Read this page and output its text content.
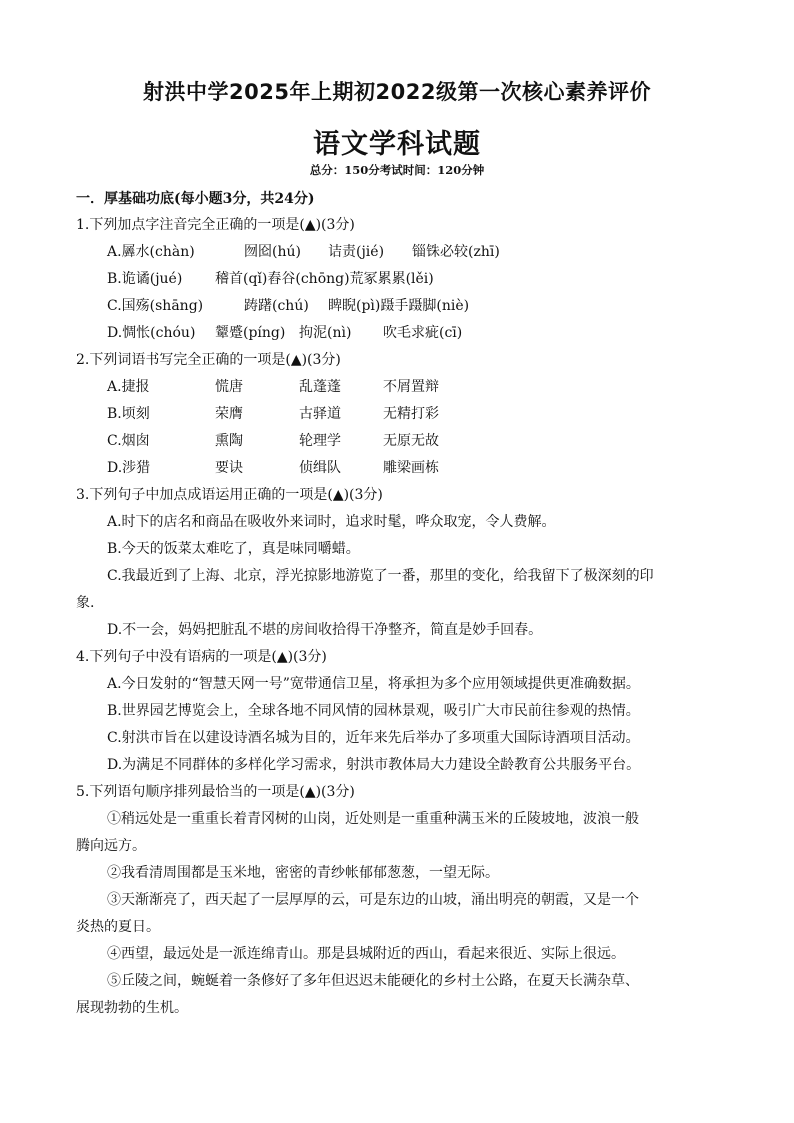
射洪中学2025年上期初2022级第一次核心素养评价
语文学科试题
总分：150分考试时间：120分钟
一．厚基础功底(每小题3分，共24分)
1.下列加点字注音完全正确的一项是(▲)(3分)
A.羼水(chàn)	囫囵(hú) 诘责(jié) 锱铢必较(zhī)
B.诡谲(jué) 稽首(qǐ)舂谷(chōng)荒冢累累(lěi)
C.国殇(shāng)	踌躇(chú) 睥睨(pì)蹑手蹑脚(niè)
D.惆怅(chóu) 颦蹙(píng) 拘泥(nì) 吹毛求疵(cī)
2.下列词语书写完全正确的一项是(▲)(3分)
A.捷报	慌唐	乱蓬蓬	不屑置辩
B.顷刻	荣膺	古驿道	无精打彩
C.烟囱	熏陶	轮理学	无原无故
D.涉猎	要诀	侦缉队	雕梁画栋
3.下列句子中加点成语运用正确的一项是(▲)(3分)
A.时下的店名和商品在吸收外来词时，追求时髦，哗众取宠，令人费解。
B.今天的饭菜太难吃了，真是味同嚼蜡。
C.我最近到了上海、北京，浮光掠影地游览了一番，那里的变化，给我留下了极深刻的印
象.
D.不一会，妈妈把脏乱不堪的房间收拾得干净整齐，简直是妙手回春。
4.下列句子中没有语病的一项是(▲)(3分)
A.今日发射的“智慧天网一号”宽带通信卫星，将承担为多个应用领域提供更准确数据。
B.世界园艺博览会上，全球各地不同风情的园林景观，吸引广大市民前往参观的热情。
C.射洪市旨在以建设诗酒名城为目的，近年来先后举办了多项重大国际诗酒项目活动。
D.为满足不同群体的多样化学习需求，射洪市教体局大力建设全龄教育公共服务平台。
5.下列语句顺序排列最恰当的一项是(▲)(3分)
①稍远处是一重重长着青冈树的山岗，近处则是一重重种满玉米的丘陵坡地，波浪一般
腾向远方。
②我看清周围都是玉米地，密密的青纱帐郁郁葱葱，一望无际。
③天渐渐亮了，西天起了一层厚厚的云，可是东边的山坡，涌出明亮的朝霞，又是一个
炎热的夏日。
④西望，最远处是一派连绵青山。那是县城附近的西山，看起来很近、实际上很远。
⑤丘陵之间，蜿蜒着一条修好了多年但迟迟未能硬化的乡村土公路，在夏天长满杂草、
展现勃勃的生机。
